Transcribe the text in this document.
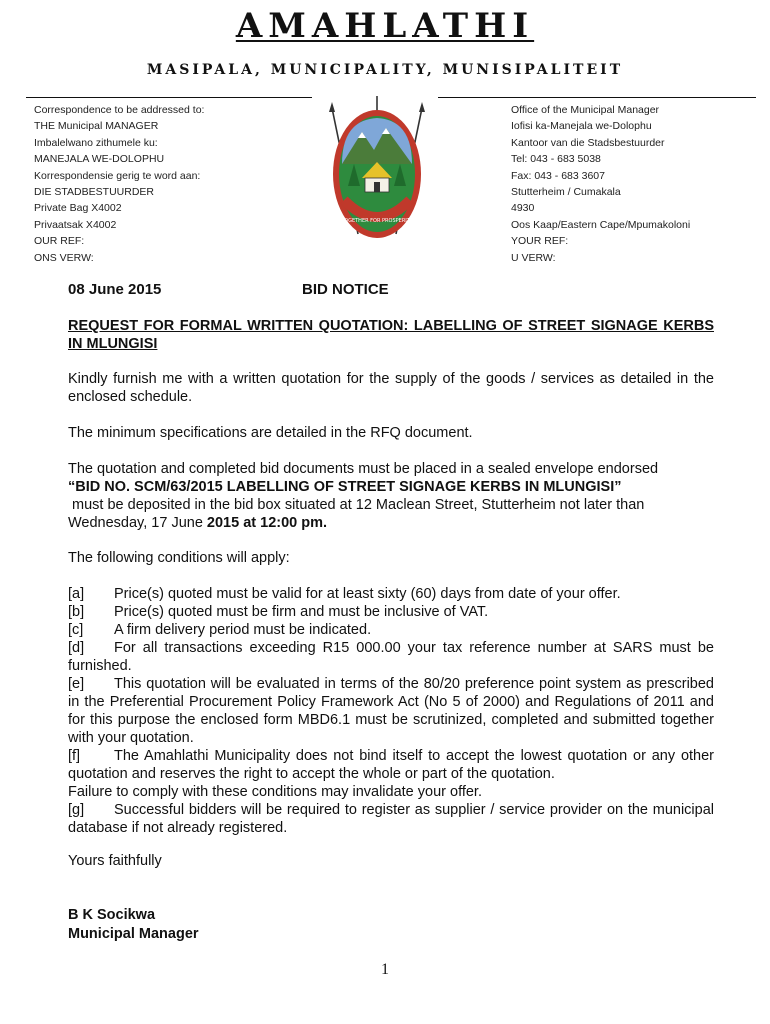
AMAHLATHI
MASIPALA, MUNICIPALITY, MUNISIPALITEIT
Correspondence to be addressed to:
THE Municipal MANAGER
Imbalelwano zithumele ku:
MANEJALA WE-DOLOPHU
Korrespondensie gerig te word aan:
DIE STADBESTUURDER
Private Bag X4002
Privaatsak X4002
OUR REF:
ONS VERW:
TOGETHER FOR PROSPERITY
Office of the Municipal Manager
Iofisi ka-Manejala we-Dolophu
Kantoor van die Stadsbestuurder
Tel: 043 - 683 5038
Fax: 043 - 683 3607
Stutterheim / Cumakala
4930
Oos Kaap/Eastern Cape/Mpumakoloni
YOUR REF:
U VERW:
08 June 2015	BID NOTICE
REQUEST FOR FORMAL WRITTEN QUOTATION: LABELLING OF STREET SIGNAGE KERBS IN MLUNGISI
Kindly furnish me with a written quotation for the supply of the goods / services as detailed in the enclosed schedule.
The minimum specifications are detailed in the RFQ document.
The quotation and completed bid documents must be placed in a sealed envelope endorsed
“BID NO. SCM/63/2015 LABELLING OF STREET SIGNAGE KERBS IN MLUNGISI”
must be deposited in the bid box situated at 12 Maclean Street, Stutterheim not later than
Wednesday, 17 June 2015 at 12:00 pm.
The following conditions will apply:

[a] Price(s) quoted must be valid for at least sixty (60) days from date of your offer.

[b] Price(s) quoted must be firm and must be inclusive of VAT.

[c] A firm delivery period must be indicated.

[d] For all transactions exceeding R15 000.00 your tax reference number at SARS must be furnished.

[e] This quotation will be evaluated in terms of the 80/20 preference point system as prescribed in the Preferential Procurement Policy Framework Act (No 5 of 2000) and Regulations of 2011 and for this purpose the enclosed form MBD6.1 must be scrutinized, completed and submitted together with your quotation.

[f] The Amahlathi Municipality does not bind itself to accept the lowest quotation or any other quotation and reserves the right to accept the whole or part of the quotation.

Failure to comply with these conditions may invalidate your offer.

[g] Successful bidders will be required to register as supplier / service provider on the municipal database if not already registered.

Yours faithfully
B K Socikwa
Municipal Manager
1
